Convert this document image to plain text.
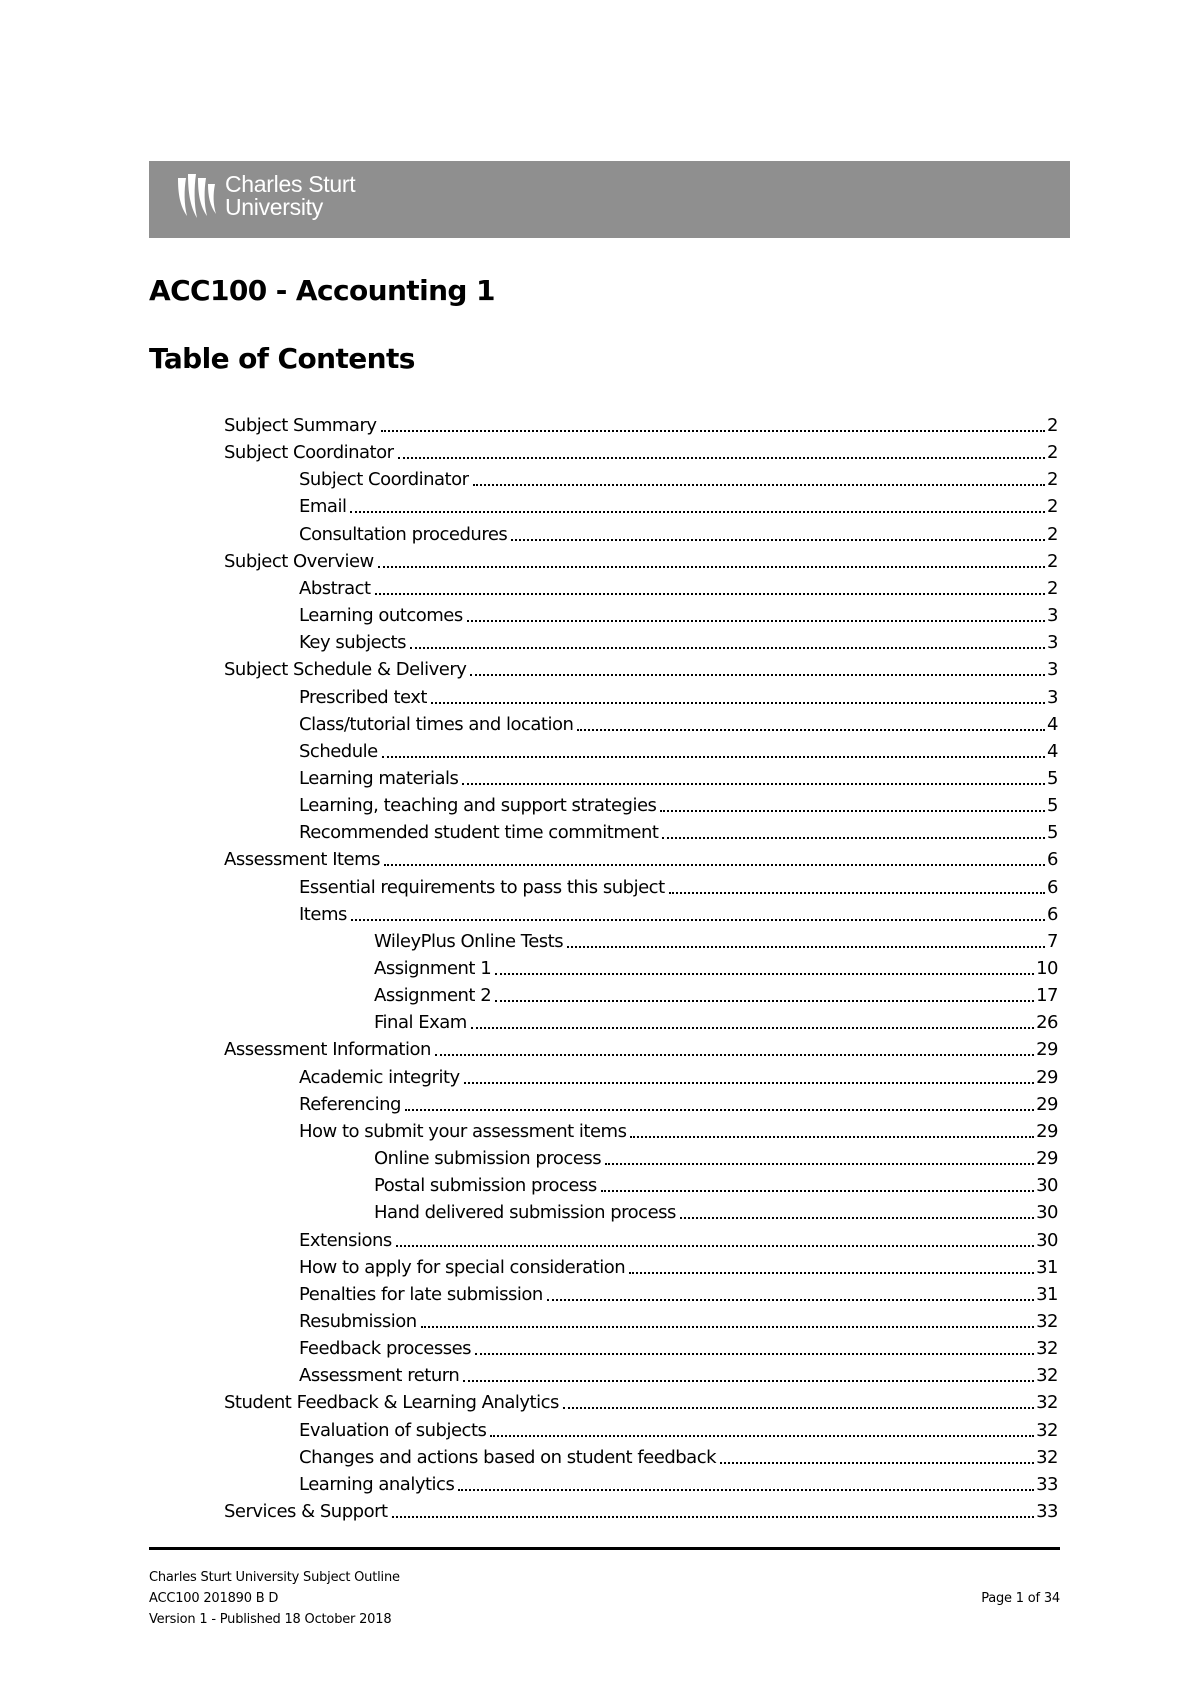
Charles Sturt
University
ACC100 - Accounting 1
Table of Contents
Subject Summary	2
Subject Coordinator	2
Subject Coordinator	2
Email	2
Consultation procedures	2
Subject Overview	2
Abstract	2
Learning outcomes	3
Key subjects	3
Subject Schedule & Delivery	3
Prescribed text	3
Class/tutorial times and location	4
Schedule	4
Learning materials	5
Learning, teaching and support strategies	5
Recommended student time commitment	5
Assessment Items	6
Essential requirements to pass this subject	6
Items	6
WileyPlus Online Tests	7
Assignment 1	10
Assignment 2	17
Final Exam	26
Assessment Information	29
Academic integrity	29
Referencing	29
How to submit your assessment items	29
Online submission process	29
Postal submission process	30
Hand delivered submission process	30
Extensions	30
How to apply for special consideration	31
Penalties for late submission	31
Resubmission	32
Feedback processes	32
Assessment return	32
Student Feedback & Learning Analytics	32
Evaluation of subjects	32
Changes and actions based on student feedback	32
Learning analytics	33
Services & Support	33
Charles Sturt University Subject Outline
ACC100 201890 B D
Version 1 - Published 18 October 2018
Page 1 of 34
